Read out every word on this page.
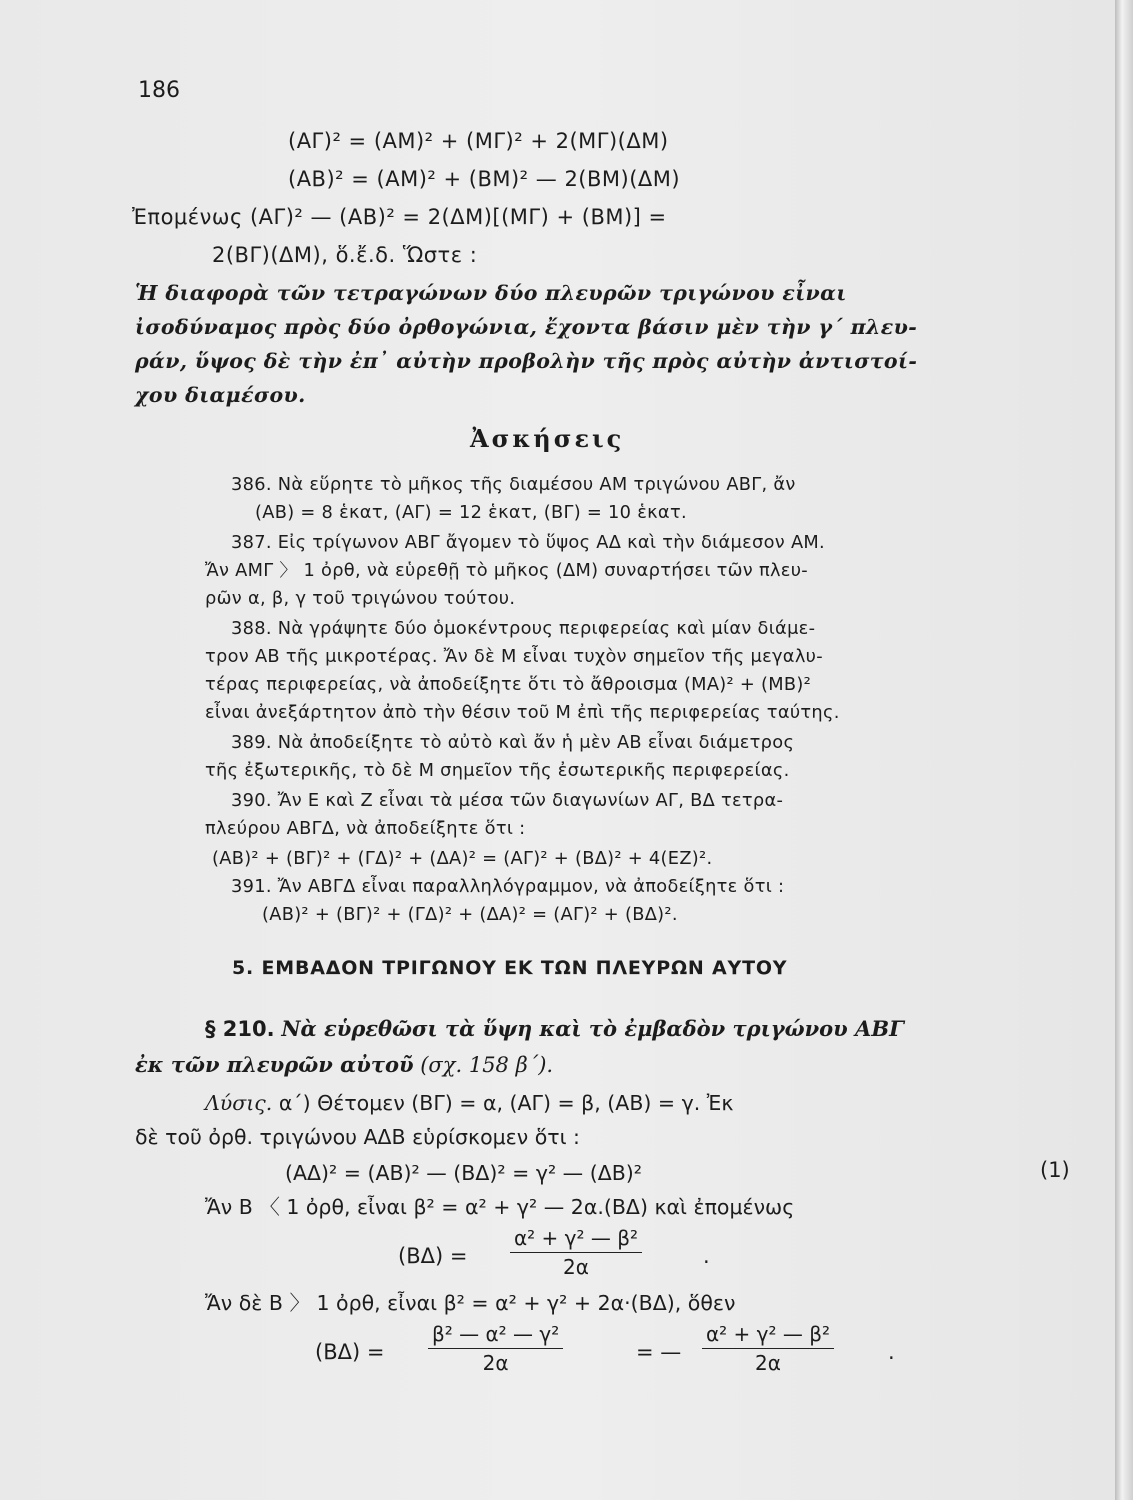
186
(ΑΓ)² = (ΑΜ)² + (ΜΓ)² + 2(ΜΓ)(ΔΜ)
(ΑΒ)² = (ΑΜ)² + (ΒΜ)² — 2(ΒΜ)(ΔΜ)
Ἐπομένως (ΑΓ)² — (ΑΒ)² = 2(ΔΜ)[(ΜΓ) + (ΒΜ)] =
2(ΒΓ)(ΔΜ), ὅ.ἔ.δ. Ὥστε :
Ἡ διαφορὰ τῶν τετραγώνων δύο πλευρῶν τριγώνου εἶναι
ἰσοδύναμος πρὸς δύο ὀρθογώνια, ἔχοντα βάσιν μὲν τὴν γ΄ πλευ-
ράν, ὕψος δὲ τὴν ἐπ᾽ αὐτὴν προβολὴν τῆς πρὸς αὐτὴν ἀντιστοί-
χου διαμέσου.
Ἀσκήσεις
386. Νὰ εὕρητε τὸ μῆκος τῆς διαμέσου ΑΜ τριγώνου ΑΒΓ, ἄν
(ΑΒ) = 8 ἑκατ, (ΑΓ) = 12 ἑκατ, (ΒΓ) = 10 ἑκατ.
387. Εἰς τρίγωνον ΑΒΓ ἄγομεν τὸ ὕψος ΑΔ καὶ τὴν διάμεσον ΑΜ.
Ἄν ΑΜΓ 〉 1 ὀρθ, νὰ εὑρεθῇ τὸ μῆκος (ΔΜ) συναρτήσει τῶν πλευ-
ρῶν α, β, γ τοῦ τριγώνου τούτου.
388. Νὰ γράψητε δύο ὁμοκέντρους περιφερείας καὶ μίαν διάμε-
τρον ΑΒ τῆς μικροτέρας. Ἄν δὲ Μ εἶναι τυχὸν σημεῖον τῆς μεγαλυ-
τέρας περιφερείας, νὰ ἀποδείξητε ὅτι τὸ ἄθροισμα (ΜΑ)² + (ΜΒ)²
εἶναι ἀνεξάρτητον ἀπὸ τὴν θέσιν τοῦ Μ ἐπὶ τῆς περιφερείας ταύτης.
389. Νὰ ἀποδείξητε τὸ αὐτὸ καὶ ἄν ἡ μὲν ΑΒ εἶναι διάμετρος
τῆς ἐξωτερικῆς, τὸ δὲ Μ σημεῖον τῆς ἐσωτερικῆς περιφερείας.
390. Ἄν Ε καὶ Ζ εἶναι τὰ μέσα τῶν διαγωνίων ΑΓ, ΒΔ τετρα-
πλεύρου ΑΒΓΔ, νὰ ἀποδείξητε ὅτι :
(ΑΒ)² + (ΒΓ)² + (ΓΔ)² + (ΔΑ)² = (ΑΓ)² + (ΒΔ)² + 4(ΕΖ)².
391. Ἄν ΑΒΓΔ εἶναι παραλληλόγραμμον, νὰ ἀποδείξητε ὅτι :
(ΑΒ)² + (ΒΓ)² + (ΓΔ)² + (ΔΑ)² = (ΑΓ)² + (ΒΔ)².
5. ΕΜΒΑΔΟΝ ΤΡΙΓΩΝΟΥ ΕΚ ΤΩΝ ΠΛΕΥΡΩΝ ΑΥΤΟΥ
§ 210. Νὰ εὑρεθῶσι τὰ ὕψη καὶ τὸ ἐμβαδὸν τριγώνου ΑΒΓ
ἐκ τῶν πλευρῶν αὐτοῦ (σχ. 158 β΄).
Λύσις. α΄) Θέτομεν (ΒΓ) = α, (ΑΓ) = β, (ΑΒ) = γ. Ἐκ
δὲ τοῦ ὀρθ. τριγώνου ΑΔΒ εὑρίσκομεν ὅτι :
(ΑΔ)² = (ΑΒ)² — (ΒΔ)² = γ² — (ΔΒ)²	(1)
Ἄν Β 〈 1 ὀρθ, εἶναι β² = α² + γ² — 2α.(ΒΔ) καὶ ἐπομένως
$(B\Delta) = \frac{\text{α² + γ² — β²}}{2\alpha}$	.
Ἄν δὲ Β 〉 1 ὀρθ, εἶναι β² = α² + γ² + 2α·(ΒΔ), ὅθεν
$(B\Delta) = \frac{\text{β² — α² — γ²}}{2\alpha}$	= — $\frac{\text{α² + γ² — β²}}{2\alpha}$	.
